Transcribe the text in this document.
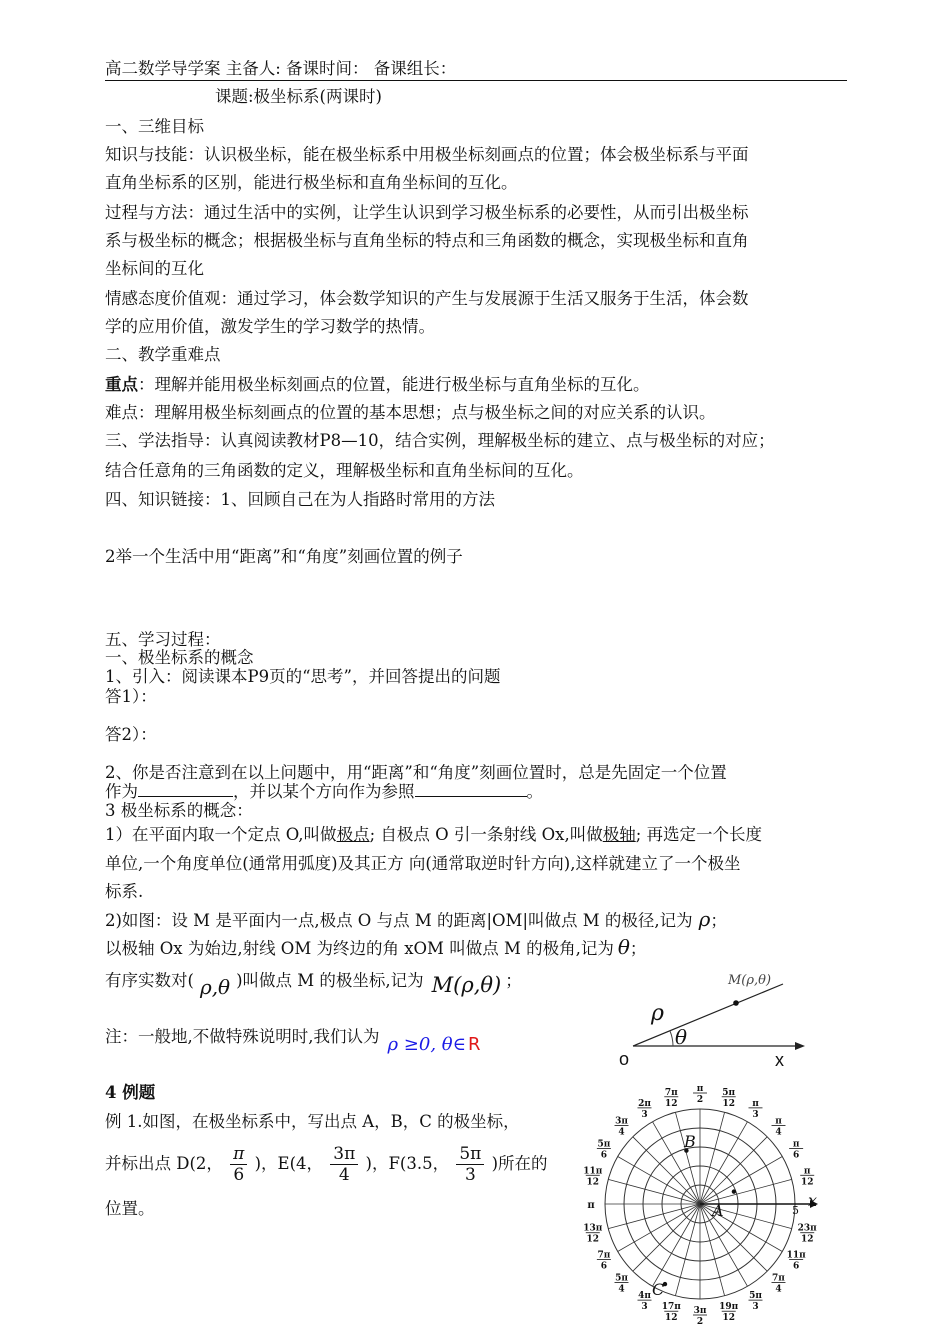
高二数学导学案 主备人: 备课时间： 备课组长：
课题:极坐标系(两课时)
一、三维目标
知识与技能：认识极坐标，能在极坐标系中用极坐标刻画点的位置；体会极坐标系与平面
直角坐标系的区别，能进行极坐标和直角坐标间的互化。
过程与方法：通过生活中的实例，让学生认识到学习极坐标系的必要性，从而引出极坐标
系与极坐标的概念；根据极坐标与直角坐标的特点和三角函数的概念，实现极坐标和直角
坐标间的互化
情感态度价值观：通过学习，体会数学知识的产生与发展源于生活又服务于生活，体会数
学的应用价值，激发学生的学习数学的热情。
二、教学重难点
重点：理解并能用极坐标刻画点的位置，能进行极坐标与直角坐标的互化。
难点：理解用极坐标刻画点的位置的基本思想；点与极坐标之间的对应关系的认识。
三、学法指导：认真阅读教材P8—10，结合实例，理解极坐标的建立、点与极坐标的对应；
结合任意角的三角函数的定义，理解极坐标和直角坐标间的互化。
四、知识链接：1、回顾自己在为人指路时常用的方法
2举一个生活中用“距离”和“角度”刻画位置的例子
五、学习过程：
一、极坐标系的概念
1、引入：阅读课本P9页的“思考”，并回答提出的问题
答1）：
答2）：
2、你是否注意到在以上问题中，用“距离”和“角度”刻画位置时，总是先固定一个位置
作为	，并以某个方向作为参照	。
3 极坐标系的概念：
1）在平面内取一个定点 O,叫做极点; 自极点 O 引一条射线 Ox,叫做极轴; 再选定一个长度
单位,一个角度单位(通常用弧度)及其正方 向(通常取逆时针方向),这样就建立了一个极坐
标系.
2)如图：设 M 是平面内一点,极点 O 与点 M 的距离|OM|叫做点 M 的极径,记为 ρ；
以极轴 Ox 为始边,射线 OM 为终边的角 xOM 叫做点 M 的极角,记为 θ；
有序实数对( ρ,θ )叫做点 M 的极坐标,记为 M(ρ,θ) ；
注：一般地,不做特殊说明时,我们认为 ρ ≥0, θ∈ R
4 例题
例 1.如图，在极坐标系中，写出点 A，B，C 的极坐标，
并标出点 D(2， $\frac{\pi}{6}$ )，E(4， $\frac{3\pi}{4}$ )，F(3.5， $\frac{5\pi}{3}$ )所在的
位置。
M(ρ,θ)
ρ
θ
o	x
π
12
π
6
π
4
π
3
5π
12
π
2
7π
12
2π
3
3π
4
5π
6
11π
12
13π
12
7π
6
5π
4
4π
3 17π
12
3π
2
19π
12
5π
3
7π
4
11π
6
23π
12
π
B
A
C
x
5
